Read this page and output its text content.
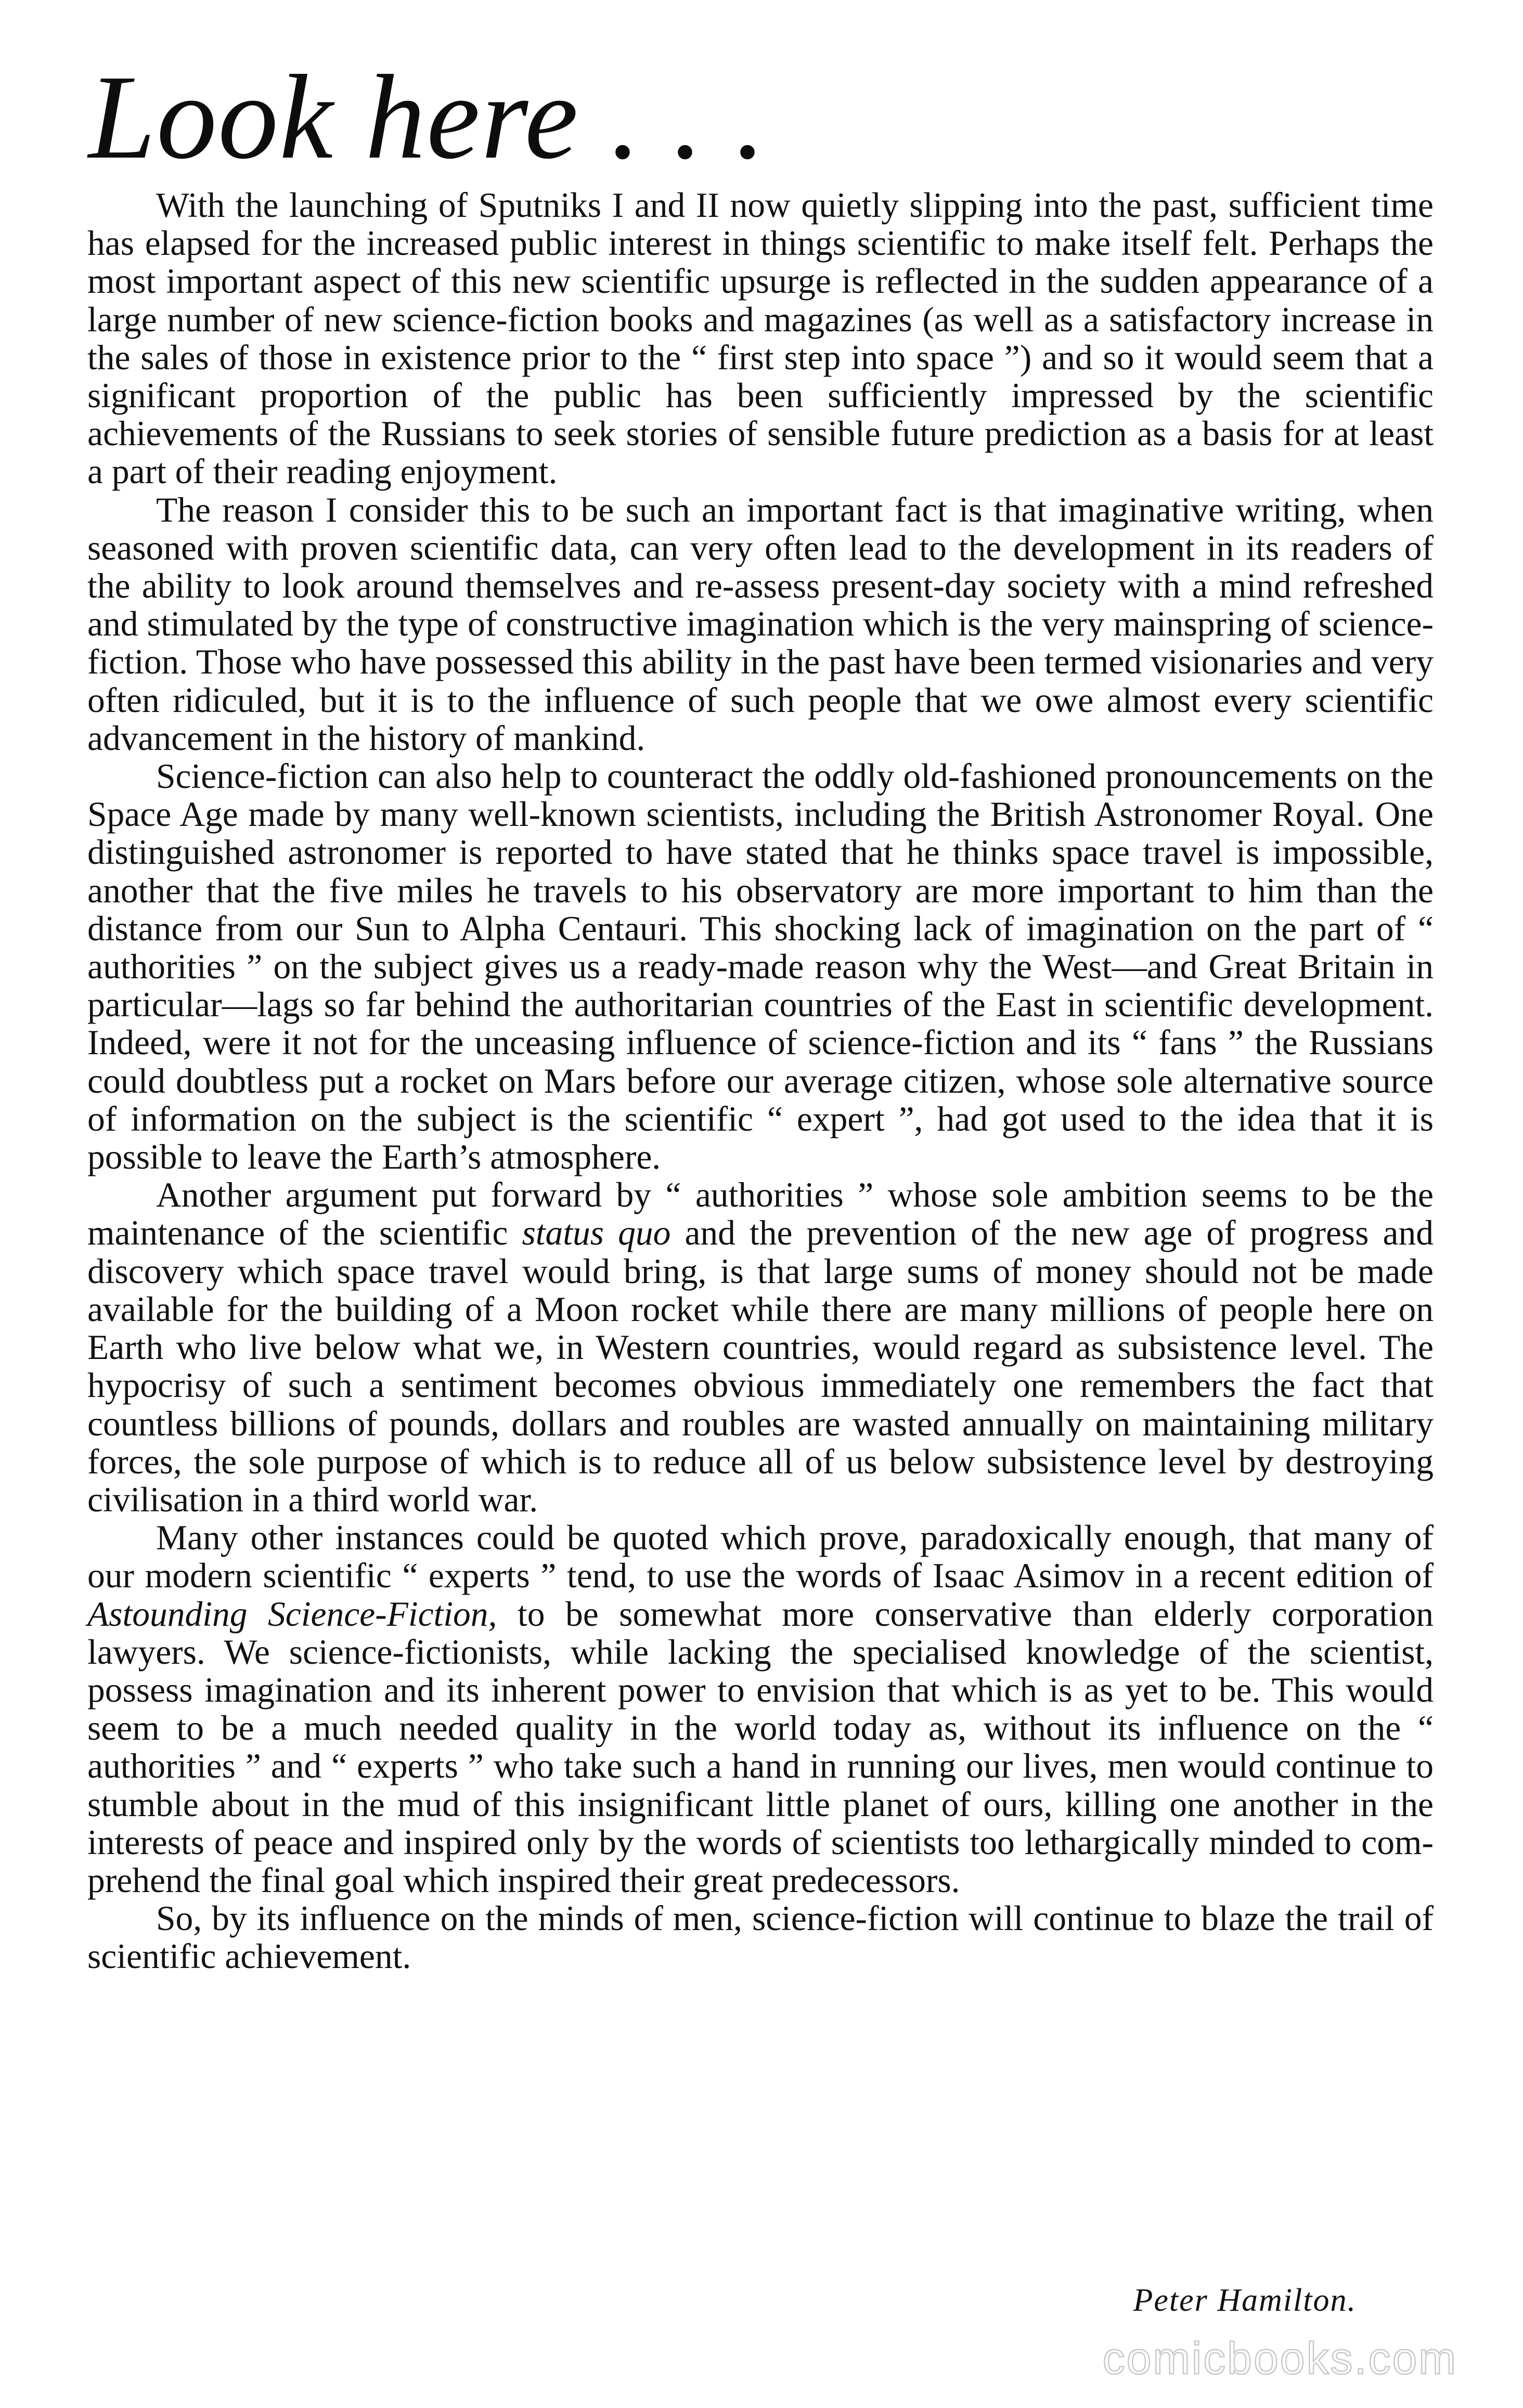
Look here . . .

With the launching of Sputniks I and II now quietly slipping into the past, sufficient time has elapsed for the increased public interest in things scientific to make itself felt. Perhaps the most important aspect of this new scientific upsurge is reflected in the sudden appearance of a large number of new science-fiction books and magazines (as well as a satisfactory increase in the sales of those in existence prior to the “ first step into space ”) and so it would seem that a significant proportion of the public has been sufficiently impressed by the scientific achievements of the Russians to seek stories of sensible future prediction as a basis for at least a part of their reading enjoyment.

The reason I consider this to be such an important fact is that imaginative writing, when seasoned with proven scientific data, can very often lead to the development in its readers of the ability to look around themselves and re-assess present-day society with a mind refreshed and stimulated by the type of constructive imagination which is the very mainspring of science-fiction. Those who have possessed this ability in the past have been termed visionaries and very often ridiculed, but it is to the influence of such people that we owe almost every scientific advancement in the history of mankind.

Science-fiction can also help to counteract the oddly old-fashioned pronouncements on the Space Age made by many well-known scientists, including the British Astronomer Royal. One distinguished astronomer is reported to have stated that he thinks space travel is impossible, another that the five miles he travels to his observatory are more important to him than the distance from our Sun to Alpha Centauri. This shocking lack of imagination on the part of “ authorities ” on the subject gives us a ready-made reason why the West—and Great Britain in particular—lags so far behind the authoritarian countries of the East in scientific development. Indeed, were it not for the unceasing influence of science-fiction and its “ fans ” the Russians could doubtless put a rocket on Mars before our average citizen, whose sole alternative source of information on the subject is the scientific “ expert ”, had got used to the idea that it is possible to leave the Earth’s atmosphere.

Another argument put forward by “ authorities ” whose sole ambition seems to be the maintenance of the scientific status quo and the prevention of the new age of progress and discovery which space travel would bring, is that large sums of money should not be made available for the building of a Moon rocket while there are many millions of people here on Earth who live below what we, in Western countries, would regard as subsistence level. The hypocrisy of such a sentiment becomes obvious immediately one remembers the fact that countless billions of pounds, dollars and roubles are wasted annually on maintaining military forces, the sole purpose of which is to reduce all of us below subsistence level by destroying civilisation in a third world war.

Many other instances could be quoted which prove, paradoxically enough, that many of our modern scientific “ experts ” tend, to use the words of Isaac Asimov in a recent edition of Astounding Science-Fiction, to be somewhat more conservative than elderly corporation lawyers. We science-fictionists, while lacking the specialised knowledge of the scientist, possess imagination and its inherent power to envision that which is as yet to be. This would seem to be a much needed quality in the world today as, without its influence on the “ authorities ” and “ experts ” who take such a hand in running our lives, men would continue to stumble about in the mud of this insignificant little planet of ours, killing one another in the interests of peace and inspired only by the words of scientists too lethargically minded to comprehend the final goal which inspired their great predecessors.

So, by its influence on the minds of men, science-fiction will continue to blaze the trail of scientific achievement.

Peter Hamilton.

comicbooks.com
